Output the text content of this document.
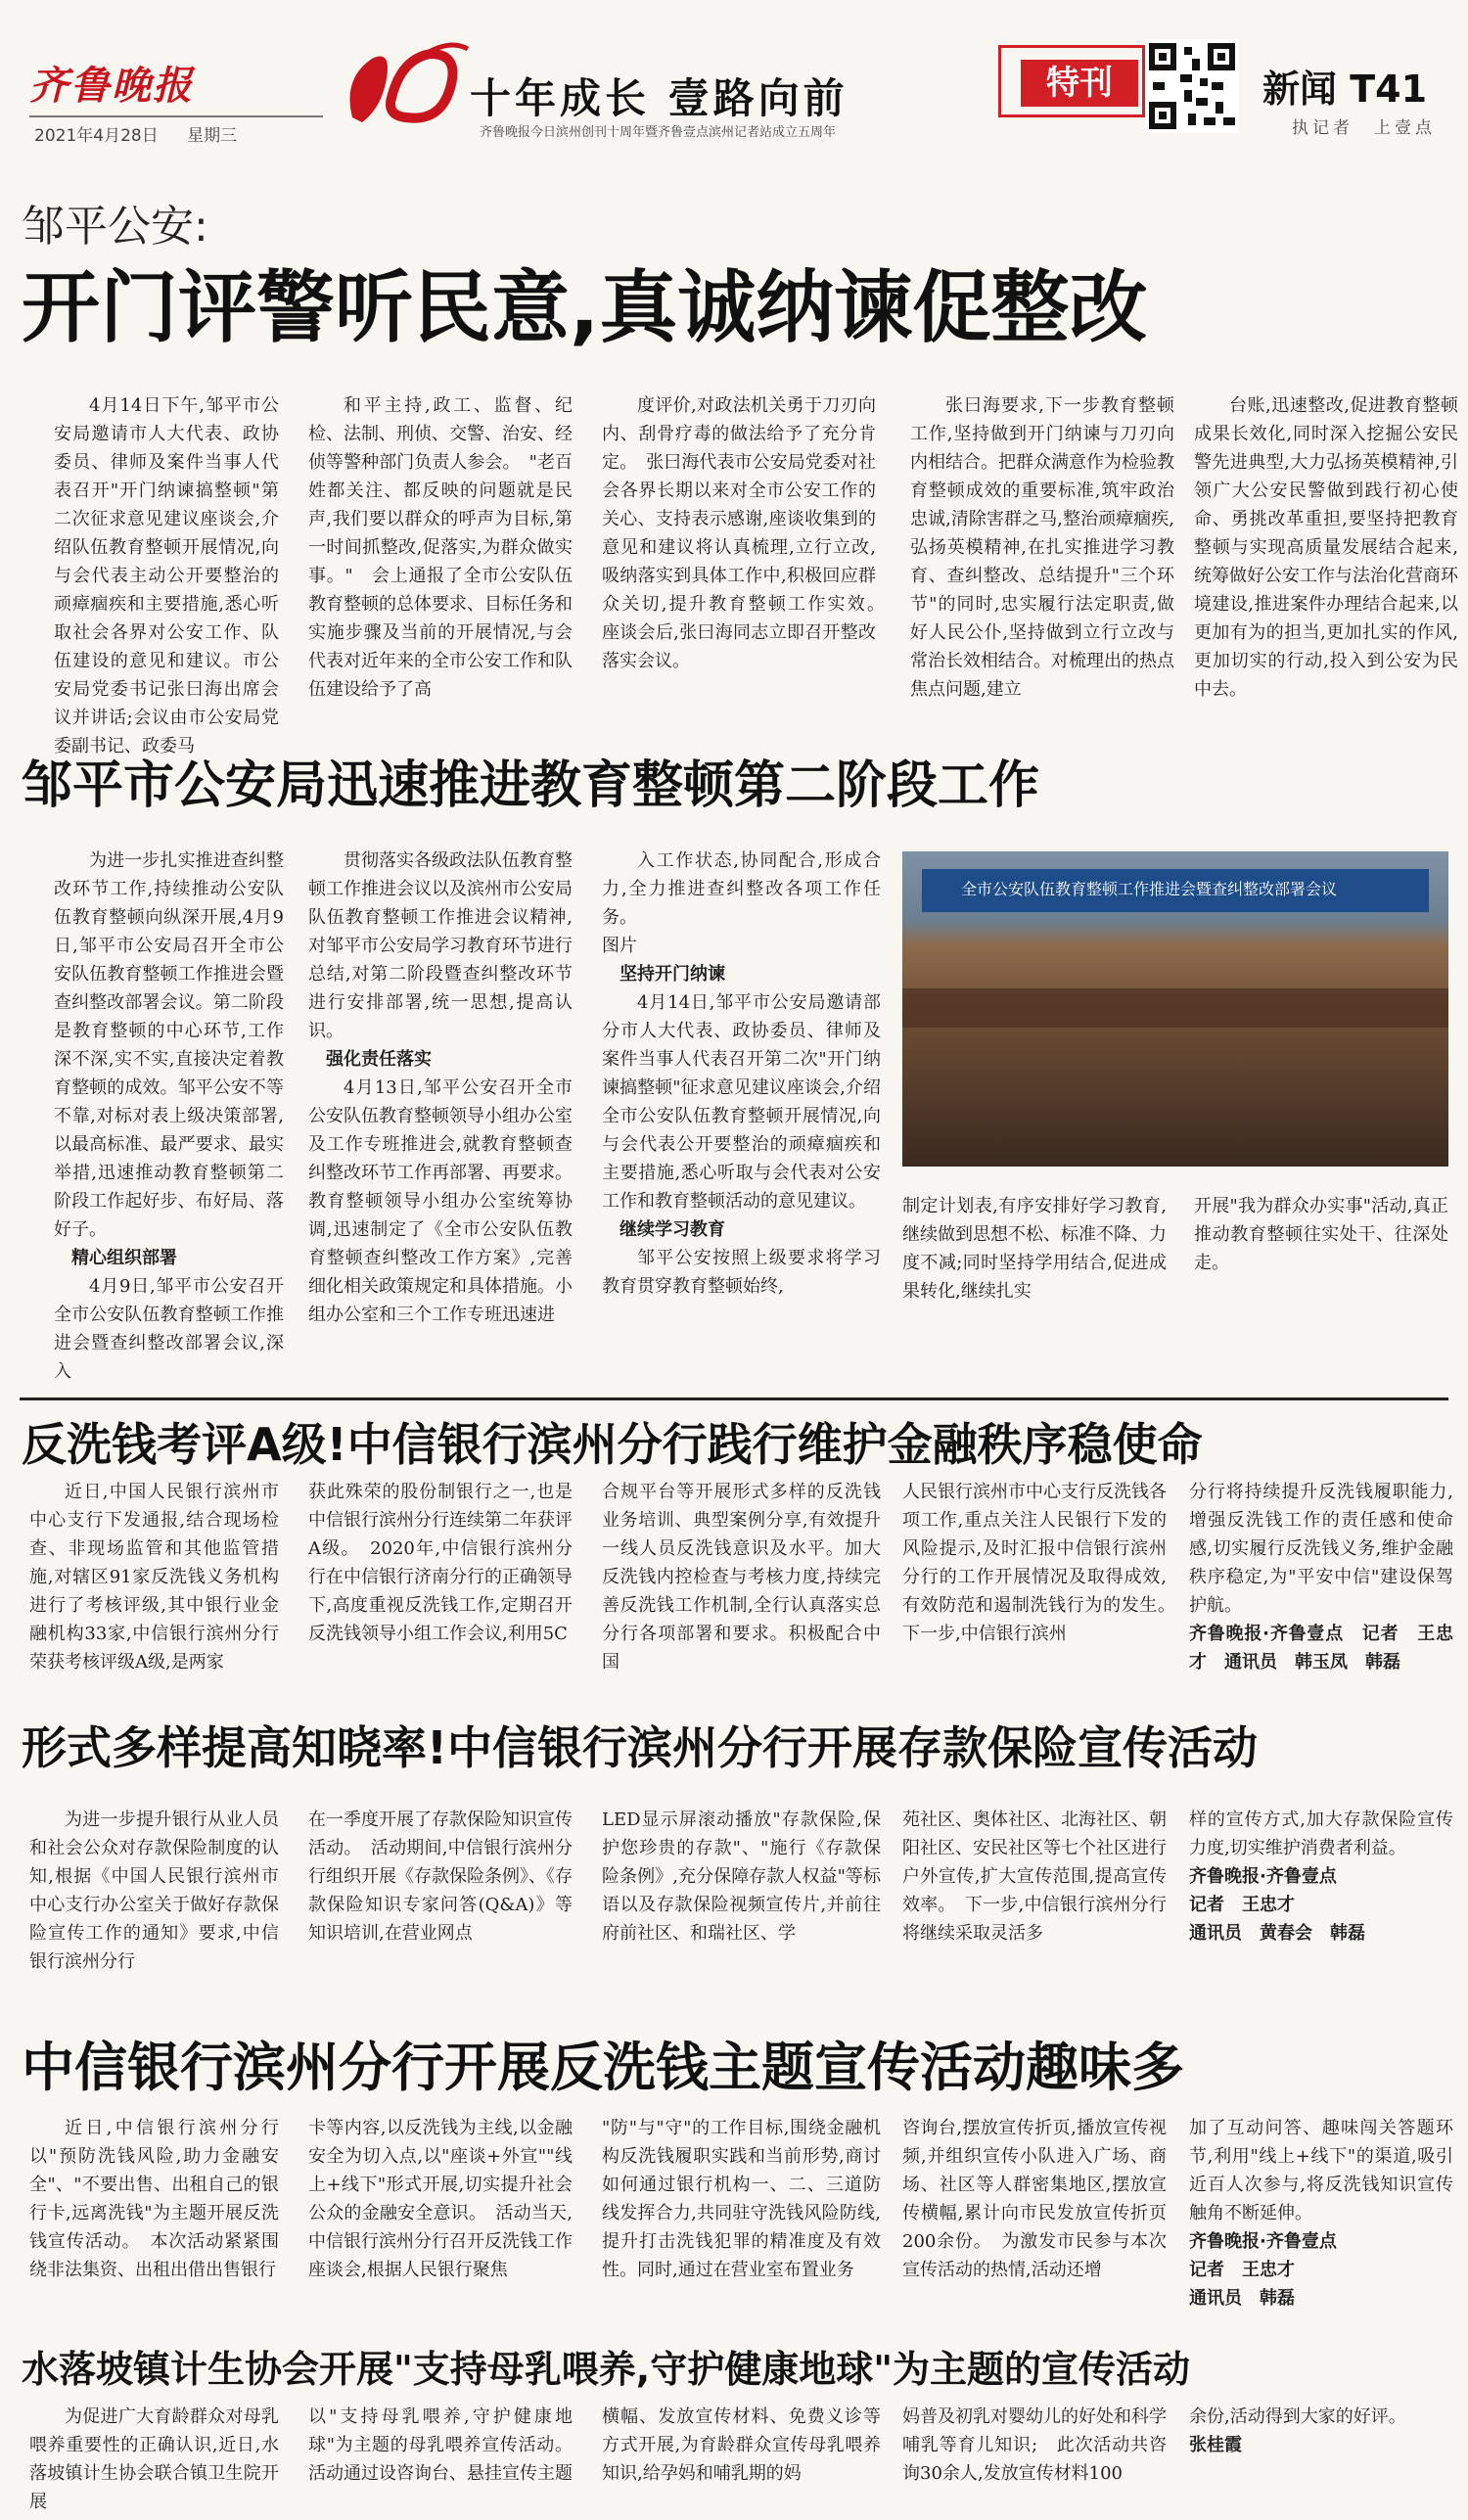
齐鲁晚报
2021年4月28日 星期三
十年成长 壹路向前
齐鲁晚报今日滨州创刊十周年暨齐鲁壹点滨州记者站成立五周年
特刊	新闻 T41
执记者　上壹点
邹平公安:
开门评警听民意,真诚纳谏促整改

4月14日下午,邹平市公安局邀请市人大代表、政协委员、律师及案件当事人代表召开"开门纳谏搞整顿"第二次征求意见建议座谈会,介绍队伍教育整顿开展情况,向与会代表主动公开要整治的顽瘴痼疾和主要措施,悉心听取社会各界对公安工作、队伍建设的意见和建议。市公安局党委书记张曰海出席会议并讲话;会议由市公安局党委副书记、政委马

和平主持,政工、监督、纪检、法制、刑侦、交警、治安、经侦等警种部门负责人参会。　"老百姓都关注、都反映的问题就是民声,我们要以群众的呼声为目标,第一时间抓整改,促落实,为群众做实事。"　会上通报了全市公安队伍教育整顿的总体要求、目标任务和实施步骤及当前的开展情况,与会代表对近年来的全市公安工作和队伍建设给予了高

度评价,对政法机关勇于刀刃向内、刮骨疗毒的做法给予了充分肯定。　张曰海代表市公安局党委对社会各界长期以来对全市公安工作的关心、支持表示感谢,座谈收集到的意见和建议将认真梳理,立行立改,吸纳落实到具体工作中,积极回应群众关切,提升教育整顿工作实效。　座谈会后,张曰海同志立即召开整改落实会议。

张曰海要求,下一步教育整顿工作,坚持做到开门纳谏与刀刃向内相结合。把群众满意作为检验教育整顿成效的重要标准,筑牢政治忠诚,清除害群之马,整治顽瘴痼疾,弘扬英模精神,在扎实推进学习教育、查纠整改、总结提升"三个环节"的同时,忠实履行法定职责,做好人民公仆,坚持做到立行立改与常治长效相结合。对梳理出的热点焦点问题,建立

台账,迅速整改,促进教育整顿成果长效化,同时深入挖掘公安民警先进典型,大力弘扬英模精神,引领广大公安民警做到践行初心使命、勇挑改革重担,要坚持把教育整顿与实现高质量发展结合起来,统筹做好公安工作与法治化营商环境建设,推进案件办理结合起来,以更加有为的担当,更加扎实的作风,更加切实的行动,投入到公安为民中去。

邹平市公安局迅速推进教育整顿第二阶段工作

为进一步扎实推进查纠整改环节工作,持续推动公安队伍教育整顿向纵深开展,4月9日,邹平市公安局召开全市公安队伍教育整顿工作推进会暨查纠整改部署会议。第二阶段是教育整顿的中心环节,工作深不深,实不实,直接决定着教育整顿的成效。邹平公安不等不靠,对标对表上级决策部署,以最高标准、最严要求、最实举措,迅速推动教育整顿第二阶段工作起好步、布好局、落好子。

精心组织部署

4月9日,邹平市公安召开全市公安队伍教育整顿工作推进会暨查纠整改部署会议,深入

贯彻落实各级政法队伍教育整顿工作推进会议以及滨州市公安局队伍教育整顿工作推进会议精神,对邹平市公安局学习教育环节进行总结,对第二阶段暨查纠整改环节进行安排部署,统一思想,提高认识。

强化责任落实

4月13日,邹平公安召开全市公安队伍教育整顿领导小组办公室及工作专班推进会,就教育整顿查纠整改环节工作再部署、再要求。教育整顿领导小组办公室统筹协调,迅速制定了《全市公安队伍教育整顿查纠整改工作方案》,完善细化相关政策规定和具体措施。小组办公室和三个工作专班迅速进

入工作状态,协同配合,形成合力,全力推进查纠整改各项工作任务。

图片

坚持开门纳谏

4月14日,邹平市公安局邀请部分市人大代表、政协委员、律师及案件当事人代表召开第二次"开门纳谏搞整顿"征求意见建议座谈会,介绍全市公安队伍教育整顿开展情况,向与会代表公开要整治的顽瘴痼疾和主要措施,悉心听取与会代表对公安工作和教育整顿活动的意见建议。

继续学习教育

邹平公安按照上级要求将学习教育贯穿教育整顿始终,

全市公安队伍教育整顿工作推进会暨查纠整改部署会议

制定计划表,有序安排好学习教育,继续做到思想不松、标准不降、力度不减;同时坚持学用结合,促进成果转化,继续扎实

开展"我为群众办实事"活动,真正推动教育整顿往实处干、往深处走。

反洗钱考评A级!中信银行滨州分行践行维护金融秩序稳使命

近日,中国人民银行滨州市中心支行下发通报,结合现场检查、非现场监管和其他监管措施,对辖区91家反洗钱义务机构进行了考核评级,其中银行业金融机构33家,中信银行滨州分行荣获考核评级A级,是两家

获此殊荣的股份制银行之一,也是中信银行滨州分行连续第二年获评A级。　2020年,中信银行滨州分行在中信银行济南分行的正确领导下,高度重视反洗钱工作,定期召开反洗钱领导小组工作会议,利用5C

合规平台等开展形式多样的反洗钱业务培训、典型案例分享,有效提升一线人员反洗钱意识及水平。加大反洗钱内控检查与考核力度,持续完善反洗钱工作机制,全行认真落实总分行各项部署和要求。积极配合中国

人民银行滨州市中心支行反洗钱各项工作,重点关注人民银行下发的风险提示,及时汇报中信银行滨州分行的工作开展情况及取得成效,有效防范和遏制洗钱行为的发生。　下一步,中信银行滨州

分行将持续提升反洗钱履职能力,增强反洗钱工作的责任感和使命感,切实履行反洗钱义务,维护金融秩序稳定,为"平安中信"建设保驾护航。

齐鲁晚报·齐鲁壹点　记者　王忠才　通讯员　韩玉凤　韩磊

形式多样提高知晓率!中信银行滨州分行开展存款保险宣传活动

为进一步提升银行从业人员和社会公众对存款保险制度的认知,根据《中国人民银行滨州市中心支行办公室关于做好存款保险宣传工作的通知》要求,中信银行滨州分行

在一季度开展了存款保险知识宣传活动。　活动期间,中信银行滨州分行组织开展《存款保险条例》、《存款保险知识专家问答(Q&A)》等知识培训,在营业网点

LED显示屏滚动播放"存款保险,保护您珍贵的存款"、"施行《存款保险条例》,充分保障存款人权益"等标语以及存款保险视频宣传片,并前往府前社区、和瑞社区、学

苑社区、奥体社区、北海社区、朝阳社区、安民社区等七个社区进行户外宣传,扩大宣传范围,提高宣传效率。　下一步,中信银行滨州分行将继续采取灵活多

样的宣传方式,加大存款保险宣传力度,切实维护消费者利益。

齐鲁晚报·齐鲁壹点

记者　王忠才

通讯员　黄春会　韩磊

中信银行滨州分行开展反洗钱主题宣传活动趣味多

近日,中信银行滨州分行以"预防洗钱风险,助力金融安全"、"不要出售、出租自己的银行卡,远离洗钱"为主题开展反洗钱宣传活动。　本次活动紧紧围绕非法集资、出租出借出售银行

卡等内容,以反洗钱为主线,以金融安全为切入点,以"座谈+外宣""线上+线下"形式开展,切实提升社会公众的金融安全意识。　活动当天,中信银行滨州分行召开反洗钱工作座谈会,根据人民银行聚焦

"防"与"守"的工作目标,围绕金融机构反洗钱履职实践和当前形势,商讨如何通过银行机构一、二、三道防线发挥合力,共同驻守洗钱风险防线,提升打击洗钱犯罪的精准度及有效性。同时,通过在营业室布置业务

咨询台,摆放宣传折页,播放宣传视频,并组织宣传小队进入广场、商场、社区等人群密集地区,摆放宣传横幅,累计向市民发放宣传折页200余份。　为激发市民参与本次宣传活动的热情,活动还增

加了互动问答、趣味闯关答题环节,利用"线上+线下"的渠道,吸引近百人次参与,将反洗钱知识宣传触角不断延伸。

齐鲁晚报·齐鲁壹点

记者　王忠才

通讯员　韩磊

水落坡镇计生协会开展"支持母乳喂养,守护健康地球"为主题的宣传活动

为促进广大育龄群众对母乳喂养重要性的正确认识,近日,水落坡镇计生协会联合镇卫生院开展

以"支持母乳喂养,守护健康地球"为主题的母乳喂养宣传活动。活动通过设咨询台、悬挂宣传主题

横幅、发放宣传材料、免费义诊等方式开展,为育龄群众宣传母乳喂养知识,给孕妈和哺乳期的妈

妈普及初乳对婴幼儿的好处和科学哺乳等育儿知识;　此次活动共咨询30余人,发放宣传材料100

余份,活动得到大家的好评。

张桂霞
